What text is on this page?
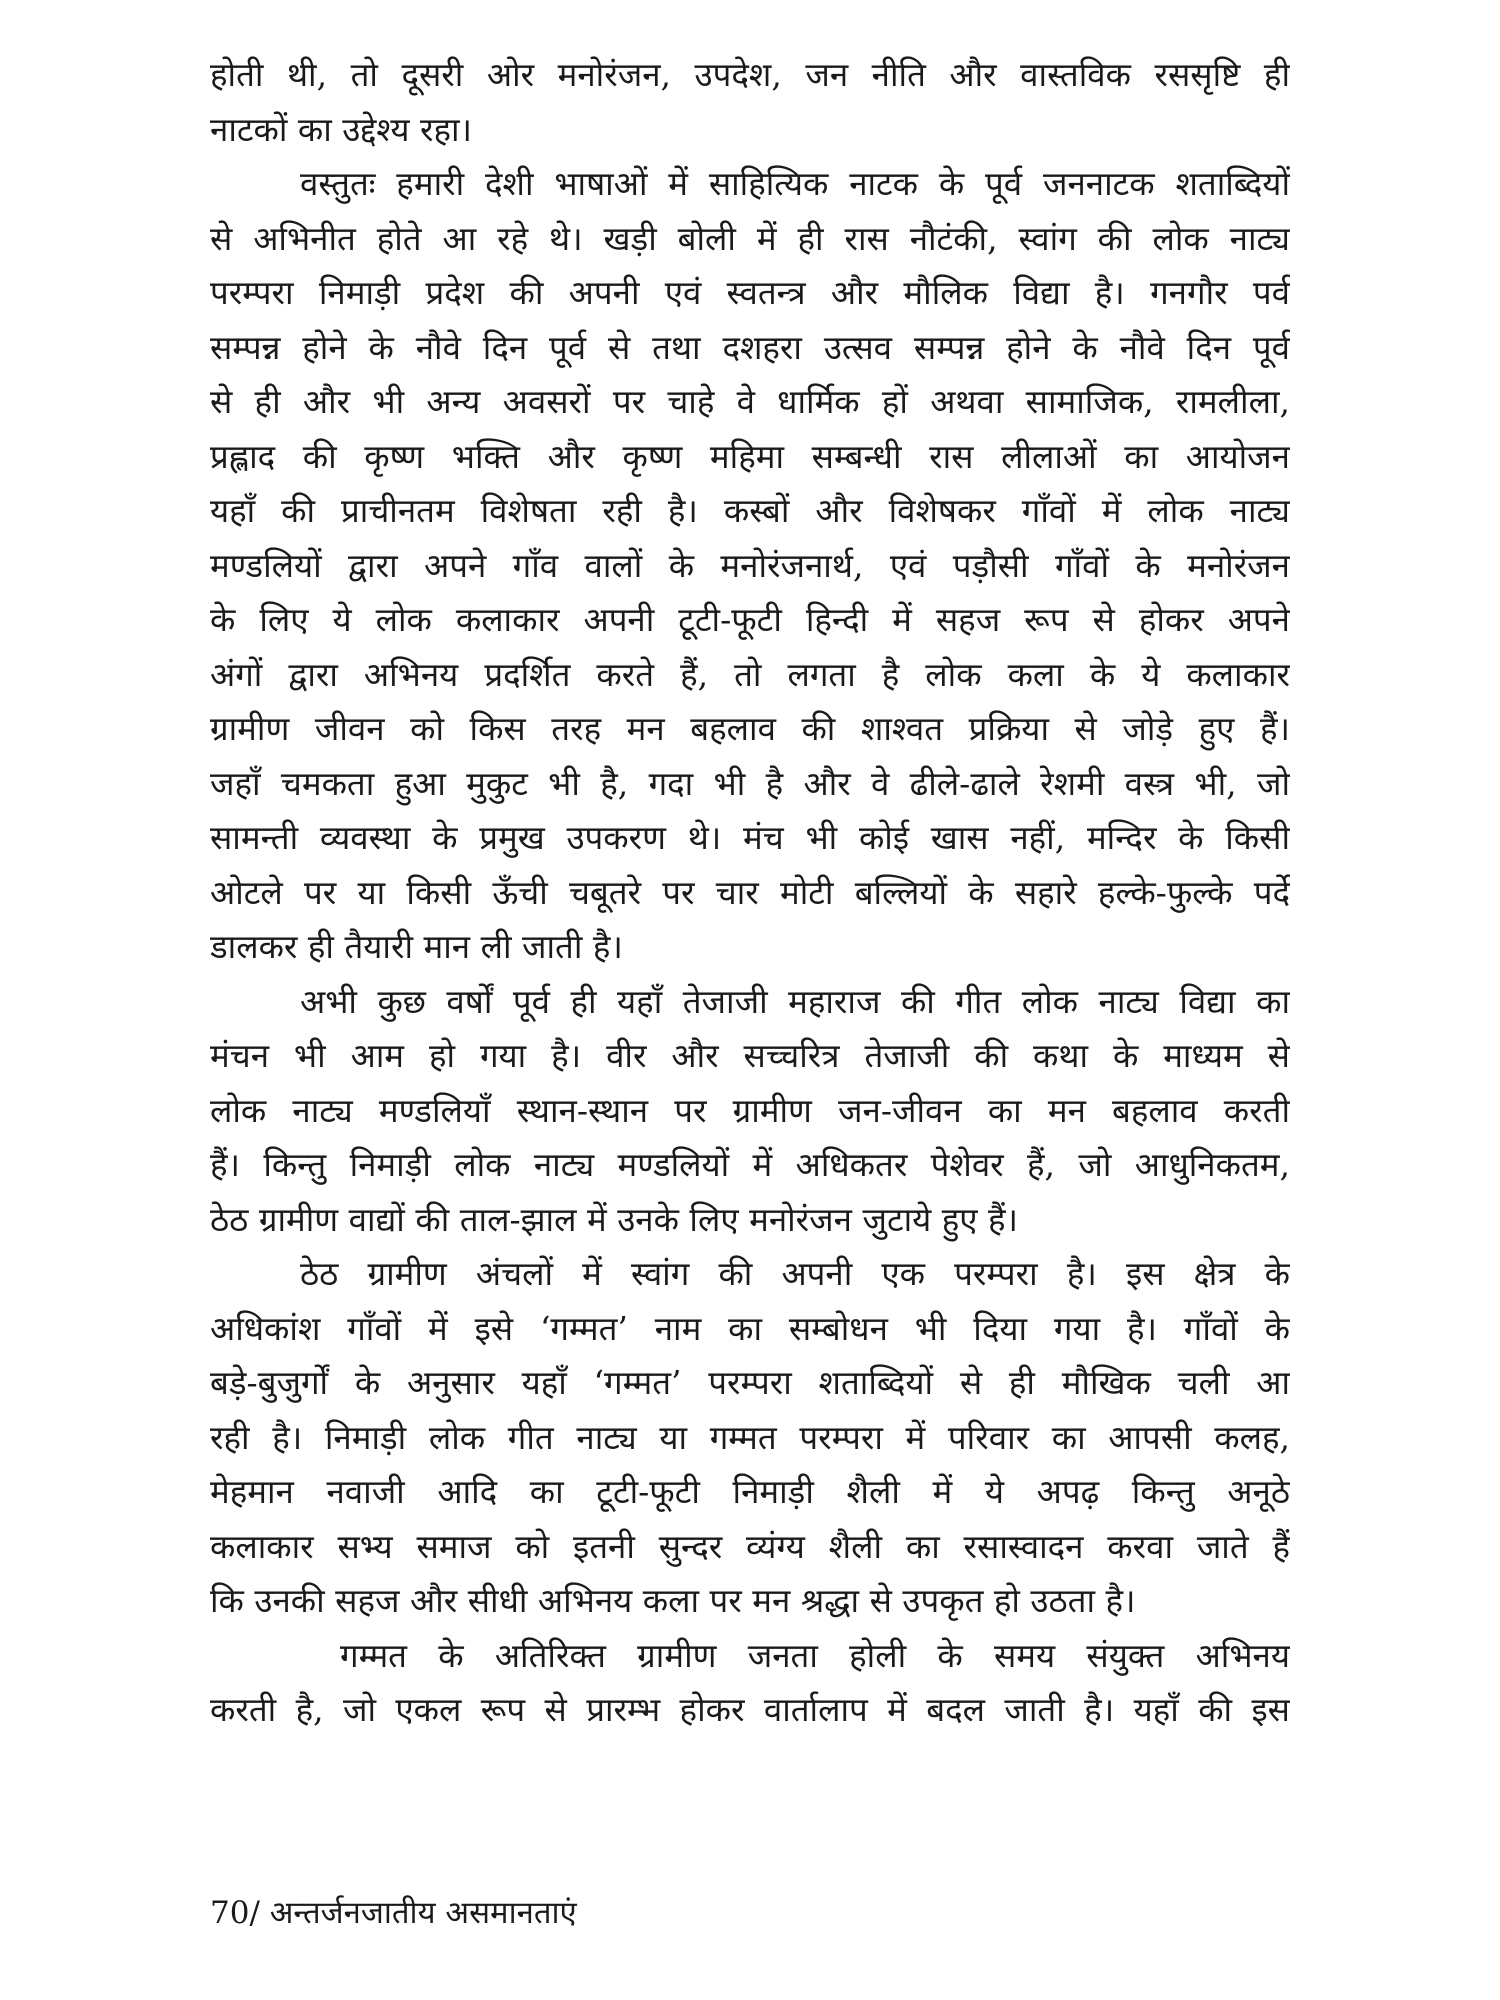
होती थी, तो दूसरी ओर मनोरंजन, उपदेश, जन नीति और वास्तविक रससृष्टि ही
नाटकों का उद्देश्य रहा।
वस्तुतः हमारी देशी भाषाओं में साहित्यिक नाटक के पूर्व जननाटक शताब्दियों
से अभिनीत होते आ रहे थे। खड़ी बोली में ही रास नौटंकी, स्वांग की लोक नाट्य
परम्परा निमाड़ी प्रदेश की अपनी एवं स्वतन्त्र और मौलिक विद्या है। गनगौर पर्व
सम्पन्न होने के नौवे दिन पूर्व से तथा दशहरा उत्सव सम्पन्न होने के नौवे दिन पूर्व
से ही और भी अन्य अवसरों पर चाहे वे धार्मिक हों अथवा सामाजिक, रामलीला,
प्रह्लाद की कृष्ण भक्ति और कृष्ण महिमा सम्बन्धी रास लीलाओं का आयोजन
यहाँ की प्राचीनतम विशेषता रही है। कस्बों और विशेषकर गाँवों में लोक नाट्य
मण्डलियों द्वारा अपने गाँव वालों के मनोरंजनार्थ, एवं पड़ौसी गाँवों के मनोरंजन
के लिए ये लोक कलाकार अपनी टूटी-फूटी हिन्दी में सहज रूप से होकर अपने
अंगों द्वारा अभिनय प्रदर्शित करते हैं, तो लगता है लोक कला के ये कलाकार
ग्रामीण जीवन को किस तरह मन बहलाव की शाश्वत प्रक्रिया से जोड़े हुए हैं।
जहाँ चमकता हुआ मुकुट भी है, गदा भी है और वे ढीले-ढाले रेशमी वस्त्र भी, जो
सामन्ती व्यवस्था के प्रमुख उपकरण थे। मंच भी कोई खास नहीं, मन्दिर के किसी
ओटले पर या किसी ऊँची चबूतरे पर चार मोटी बल्लियों के सहारे हल्के-फुल्के पर्दे
डालकर ही तैयारी मान ली जाती है।
अभी कुछ वर्षों पूर्व ही यहाँ तेजाजी महाराज की गीत लोक नाट्य विद्या का
मंचन भी आम हो गया है। वीर और सच्चरित्र तेजाजी की कथा के माध्यम से
लोक नाट्य मण्डलियाँ स्थान-स्थान पर ग्रामीण जन-जीवन का मन बहलाव करती
हैं। किन्तु निमाड़ी लोक नाट्य मण्डलियों में अधिकतर पेशेवर हैं, जो आधुनिकतम,
ठेठ ग्रामीण वाद्यों की ताल-झाल में उनके लिए मनोरंजन जुटाये हुए हैं।
ठेठ ग्रामीण अंचलों में स्वांग की अपनी एक परम्परा है। इस क्षेत्र के
अधिकांश गाँवों में इसे ‘गम्मत’ नाम का सम्बोधन भी दिया गया है। गाँवों के
बड़े-बुजुर्गों के अनुसार यहाँ ‘गम्मत’ परम्परा शताब्दियों से ही मौखिक चली आ
रही है। निमाड़ी लोक गीत नाट्य या गम्मत परम्परा में परिवार का आपसी कलह,
मेहमान नवाजी आदि का टूटी-फूटी निमाड़ी शैली में ये अपढ़ किन्तु अनूठे
कलाकार सभ्य समाज को इतनी सुन्दर व्यंग्य शैली का रसास्वादन करवा जाते हैं
कि उनकी सहज और सीधी अभिनय कला पर मन श्रद्धा से उपकृत हो उठता है।
गम्मत के अतिरिक्त ग्रामीण जनता होली के समय संयुक्त अभिनय
करती है, जो एकल रूप से प्रारम्भ होकर वार्तालाप में बदल जाती है। यहाँ की इस
70/ अन्तर्जनजातीय असमानताएं
